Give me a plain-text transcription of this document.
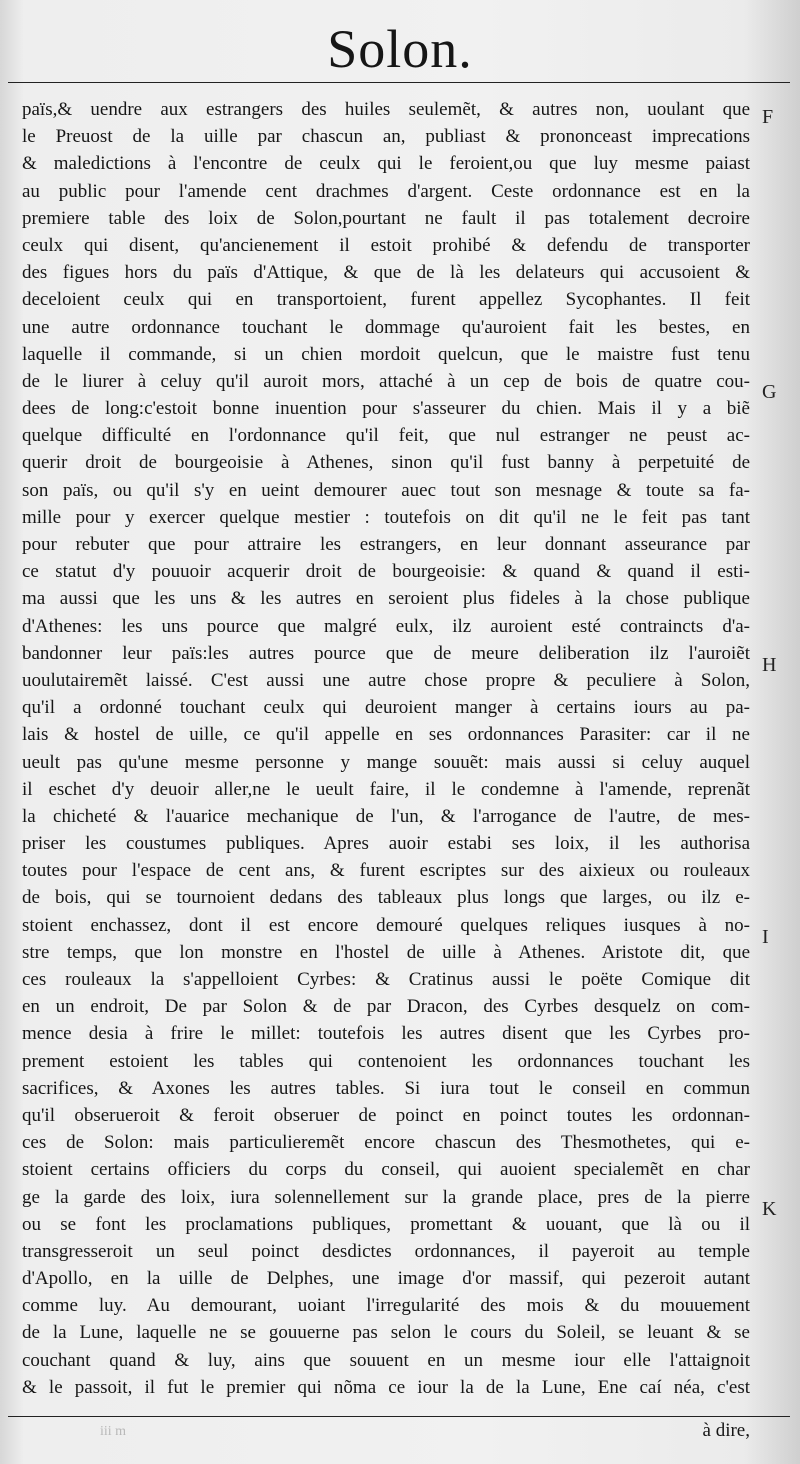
Solon.
païs,& uendre aux estrangers des huiles seulemẽt, & autres non, uoulant que
le Preuost de la uille par chascun an, publiast & prononceast imprecations
& maledictions à l'encontre de ceulx qui le feroient,ou que luy mesme paiast
au public pour l'amende cent drachmes d'argent. Ceste ordonnance est en la
premiere table des loix de Solon,pourtant ne fault il pas totalement decroire
ceulx qui disent, qu'ancienement il estoit prohibé & defendu de transporter
des figues hors du païs d'Attique, & que de là les delateurs qui accusoient &
deceloient ceulx qui en transportoient, furent appellez Sycophantes. Il feit
une autre ordonnance touchant le dommage qu'auroient fait les bestes, en
laquelle il commande, si un chien mordoit quelcun, que le maistre fust tenu
de le liurer à celuy qu'il auroit mors, attaché à un cep de bois de quatre cou-
dees de long:c'estoit bonne inuention pour s'asseurer du chien. Mais il y a biẽ
quelque difficulté en l'ordonnance qu'il feit, que nul estranger ne peust ac-
querir droit de bourgeoisie à Athenes, sinon qu'il fust banny à perpetuité de
son païs, ou qu'il s'y en ueint demourer auec tout son mesnage & toute sa fa-
mille pour y exercer quelque mestier : toutefois on dit qu'il ne le feit pas tant
pour rebuter que pour attraire les estrangers, en leur donnant asseurance par
ce statut d'y pouuoir acquerir droit de bourgeoisie: & quand & quand il esti-
ma aussi que les uns & les autres en seroient plus fideles à la chose publique
d'Athenes: les uns pource que malgré eulx, ilz auroient esté contraincts d'a-
bandonner leur païs:les autres pource que de meure deliberation ilz l'auroiẽt
uoulutairemẽt laissé. C'est aussi une autre chose propre & peculiere à Solon,
qu'il a ordonné touchant ceulx qui deuroient manger à certains iours au pa-
lais & hostel de uille, ce qu'il appelle en ses ordonnances Parasiter: car il ne
ueult pas qu'une mesme personne y mange souuẽt: mais aussi si celuy auquel
il eschet d'y deuoir aller,ne le ueult faire, il le condemne à l'amende, reprenãt
la chicheté & l'auarice mechanique de l'un, & l'arrogance de l'autre, de mes-
priser les coustumes publiques. Apres auoir estabi ses loix, il les authorisa
toutes pour l'espace de cent ans, & furent escriptes sur des aixieux ou rouleaux
de bois, qui se tournoient dedans des tableaux plus longs que larges, ou ilz e-
stoient enchassez, dont il est encore demouré quelques reliques iusques à no-
stre temps, que lon monstre en l'hostel de uille à Athenes. Aristote dit, que
ces rouleaux la s'appelloient Cyrbes: & Cratinus aussi le poëte Comique dit
en un endroit, De par Solon & de par Dracon, des Cyrbes desquelz on com-
mence desia à frire le millet: toutefois les autres disent que les Cyrbes pro-
prement estoient les tables qui contenoient les ordonnances touchant les
sacrifices, & Axones les autres tables. Si iura tout le conseil en commun
qu'il obserueroit & feroit obseruer de poinct en poinct toutes les ordonnan-
ces de Solon: mais particulieremẽt encore chascun des Thesmothetes, qui e-
stoient certains officiers du corps du conseil, qui auoient specialemẽt en char
ge la garde des loix, iura solennellement sur la grande place, pres de la pierre
ou se font les proclamations publiques, promettant & uouant, que là ou il
transgresseroit un seul poinct desdictes ordonnances, il payeroit au temple
d'Apollo, en la uille de Delphes, une image d'or massif, qui pezeroit autant
comme luy. Au demourant, uoiant l'irregularité des mois & du mouuement
de la Lune, laquelle ne se gouuerne pas selon le cours du Soleil, se leuant & se
couchant quand & luy, ains que souuent en un mesme iour elle l'attaignoit
& le passoit, il fut le premier qui nõma ce iour la de la Lune, Ene caí néa, c'est
F
G
H
I
K
iii m	à dire,
